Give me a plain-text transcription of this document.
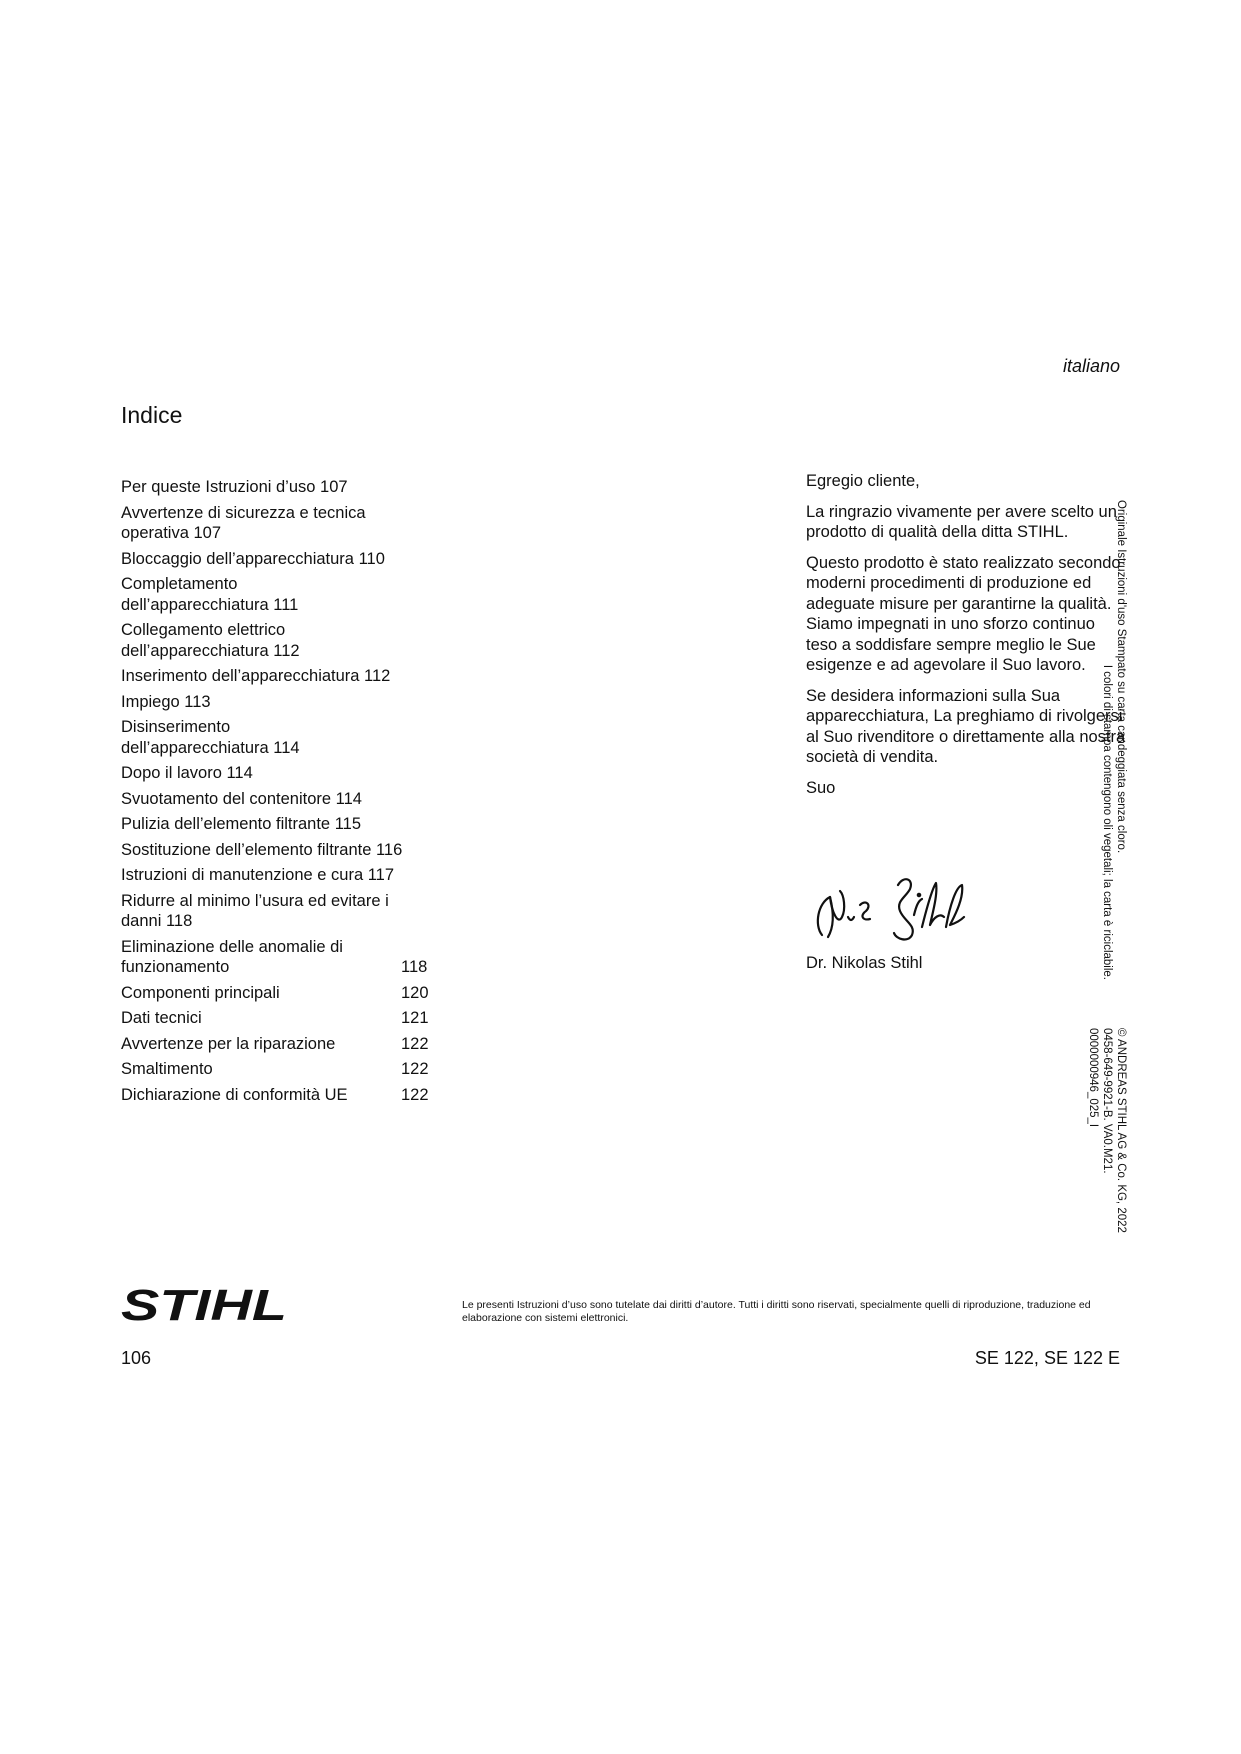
italiano
Indice
Per queste Istruzioni d’uso 107
Avvertenze di sicurezza e tecnica operativa 107
Bloccaggio dell’apparecchiatura 110
Completamento dell’apparecchiatura 111
Collegamento elettrico dell’apparecchiatura 112
Inserimento dell’apparecchiatura 112
Impiego 113
Disinserimento dell’apparecchiatura 114
Dopo il lavoro 114
Svuotamento del contenitore 114
Pulizia dell’elemento filtrante 115
Sostituzione dell’elemento filtrante 116
Istruzioni di manutenzione e cura 117
Ridurre al minimo l’usura ed evitare i danni 118
Eliminazione delle anomalie di funzionamento	118
Componenti principali	120
Dati tecnici	121
Avvertenze per la riparazione	122
Smaltimento	122
Dichiarazione di conformità UE	122

Egregio cliente,

La ringrazio vivamente per avere scelto un prodotto di qualità della ditta STIHL.

Questo prodotto è stato realizzato secondo moderni procedimenti di produzione ed adeguate misure per garantirne la qualità. Siamo impegnati in uno sforzo continuo teso a soddisfare sempre meglio le Sue esigenze e ad agevolare il Suo lavoro.

Se desidera informazioni sulla Sua apparecchiatura, La preghiamo di rivolgersi al Suo rivenditore o direttamente alla nostra società di vendita.

Suo

Dr. Nikolas Stihl
Originale Istruzioni d'uso Stampato su carta candeggiata senza cloro.
I colori di stampa contengono oli vegetali; la carta è riciclabile.
© ANDREAS STIHL AG & Co. KG, 2022
0458-649-9921-B. VA0.M21.
0000000946_025_I
STIHL	Le presenti Istruzioni d’uso sono tutelate dai diritti d’autore. Tutti i diritti sono riservati, specialmente quelli di riproduzione, traduzione ed elaborazione con sistemi elettronici.
106	SE 122, SE 122 E
